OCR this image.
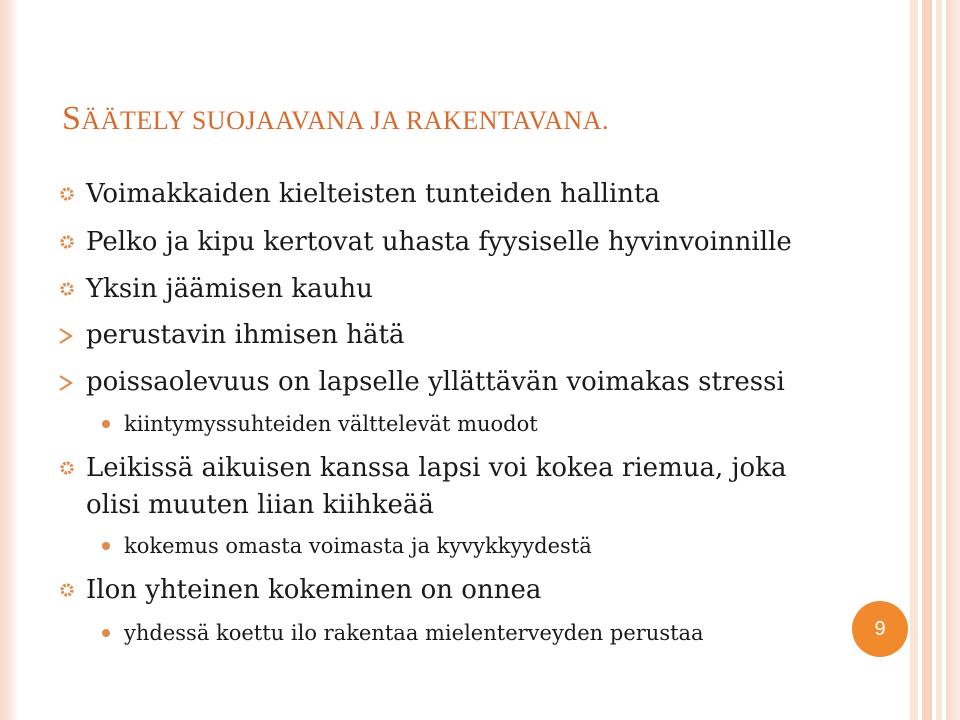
SÄÄTELY SUOJAAVANA JA RAKENTAVANA.
Voimakkaiden kielteisten tunteiden hallinta
Pelko ja kipu kertovat uhasta fyysiselle hyvinvoinnille
Yksin jäämisen kauhu
perustavin ihmisen hätä
poissaolevuus on lapselle yllättävän voimakas stressi
kiintymyssuhteiden välttelevät muodot
Leikissä aikuisen kanssa lapsi voi kokea riemua, joka
olisi muuten liian kiihkeää
kokemus omasta voimasta ja kyvykkyydestä
Ilon yhteinen kokeminen on onnea
yhdessä koettu ilo rakentaa mielenterveyden perustaa	9
